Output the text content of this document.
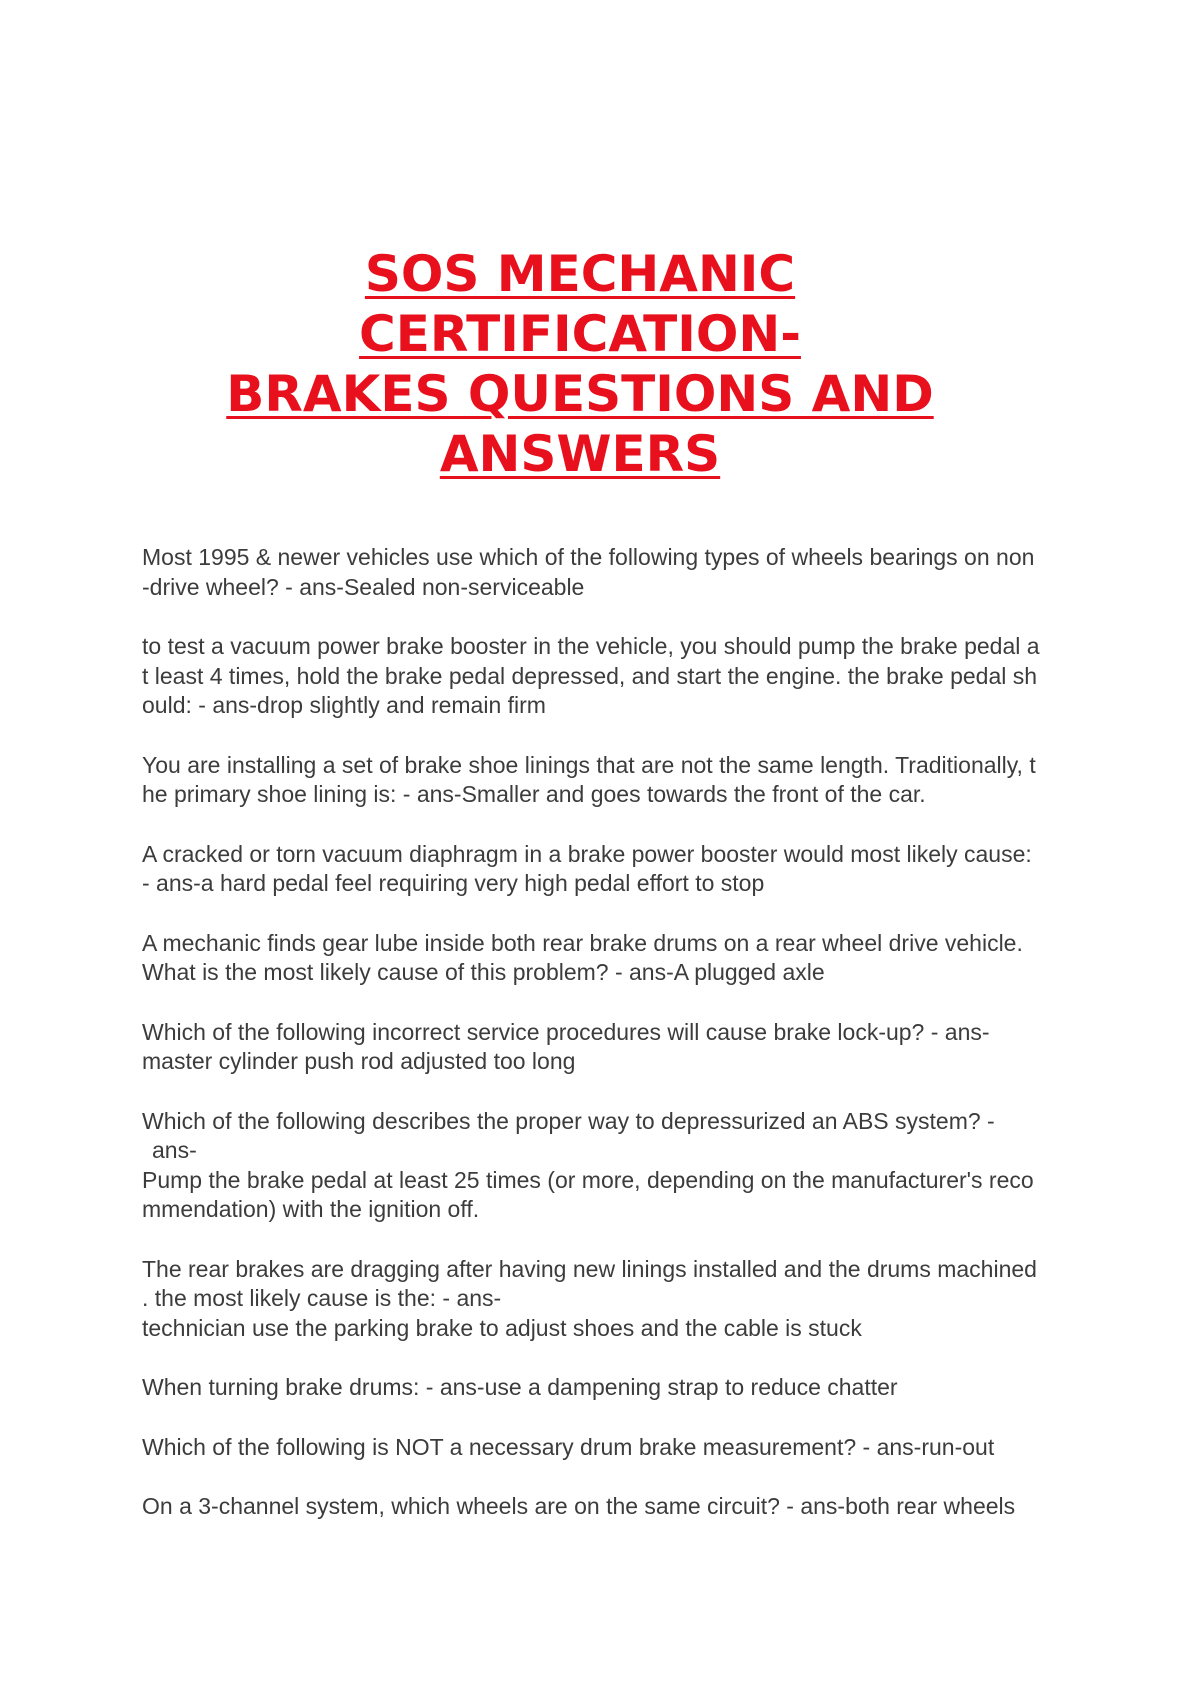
SOS MECHANIC CERTIFICATION-
BRAKES QUESTIONS AND
ANSWERS
Most 1995 & newer vehicles use which of the following types of wheels bearings on non
-drive wheel? - ans-Sealed non-serviceable
to test a vacuum power brake booster in the vehicle, you should pump the brake pedal a
t least 4 times, hold the brake pedal depressed, and start the engine. the brake pedal sh
ould: - ans-drop slightly and remain firm
You are installing a set of brake shoe linings that are not the same length. Traditionally, t
he primary shoe lining is: - ans-Smaller and goes towards the front of the car.
A cracked or torn vacuum diaphragm in a brake power booster would most likely cause:
- ans-a hard pedal feel requiring very high pedal effort to stop
A mechanic finds gear lube inside both rear brake drums on a rear wheel drive vehicle.
What is the most likely cause of this problem? - ans-A plugged axle
Which of the following incorrect service procedures will cause brake lock-up? - ans-
master cylinder push rod adjusted too long
Which of the following describes the proper way to depressurized an ABS system? -
ans-
Pump the brake pedal at least 25 times (or more, depending on the manufacturer's reco
mmendation) with the ignition off.
The rear brakes are dragging after having new linings installed and the drums machined
. the most likely cause is the: - ans-
technician use the parking brake to adjust shoes and the cable is stuck
When turning brake drums: - ans-use a dampening strap to reduce chatter
Which of the following is NOT a necessary drum brake measurement? - ans-run-out
On a 3-channel system, which wheels are on the same circuit? - ans-both rear wheels
